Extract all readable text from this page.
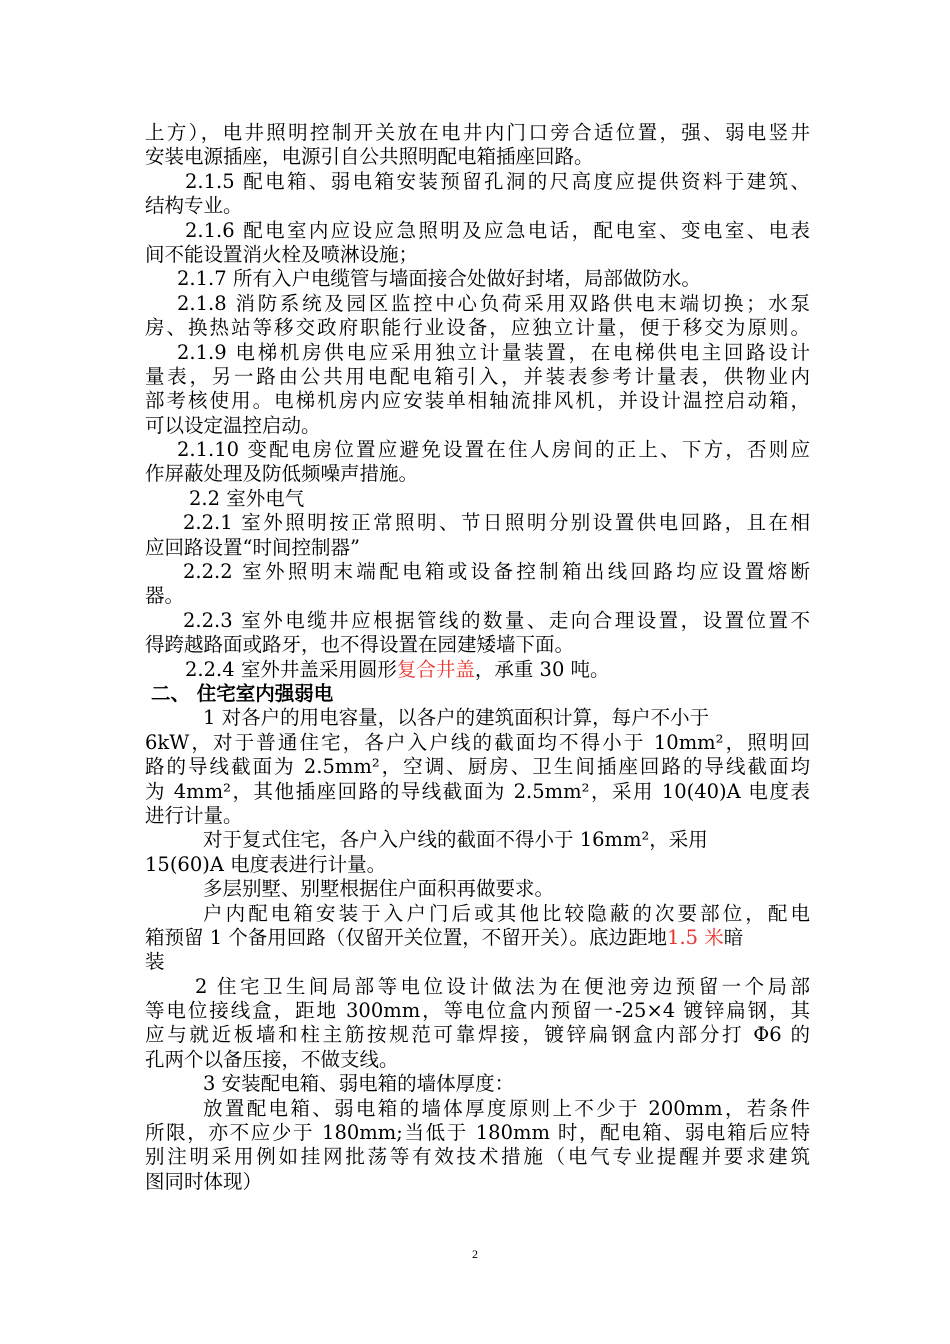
上方），电井照明控制开关放在电井内门口旁合适位置，强、弱电竖井
安装电源插座，电源引自公共照明配电箱插座回路。
2.1.5 配电箱、弱电箱安装预留孔洞的尺高度应提供资料于建筑、
结构专业。
2.1.6 配电室内应设应急照明及应急电话，配电室、变电室、电表
间不能设置消火栓及喷淋设施；
2.1.7 所有入户电缆管与墙面接合处做好封堵，局部做防水。
2.1.8 消防系统及园区监控中心负荷采用双路供电末端切换；水泵
房、换热站等移交政府职能行业设备，应独立计量，便于移交为原则。
2.1.9 电梯机房供电应采用独立计量装置，在电梯供电主回路设计
量表，另一路由公共用电配电箱引入，并装表参考计量表，供物业内
部考核使用。电梯机房内应安装单相轴流排风机，并设计温控启动箱，
可以设定温控启动。
2.1.10 变配电房位置应避免设置在住人房间的正上、下方，否则应
作屏蔽处理及防低频噪声措施。
2.2 室外电气
2.2.1 室外照明按正常照明、节日照明分别设置供电回路，且在相
应回路设置“时间控制器”
2.2.2 室外照明末端配电箱或设备控制箱出线回路均应设置熔断
器。
2.2.3 室外电缆井应根据管线的数量、走向合理设置，设置位置不
得跨越路面或路牙，也不得设置在园建矮墙下面。
2.2.4 室外井盖采用圆形复合井盖，承重 30 吨。
二、 住宅室内强弱电
1 对各户的用电容量，以各户的建筑面积计算，每户不小于
6kW，对于普通住宅，各户入户线的截面均不得小于 10mm²，照明回
路的导线截面为 2.5mm²，空调、厨房、卫生间插座回路的导线截面均
为 4mm²，其他插座回路的导线截面为 2.5mm²，采用 10(40)A 电度表
进行计量。
对于复式住宅，各户入户线的截面不得小于 16mm²，采用
15(60)A 电度表进行计量。
多层别墅、别墅根据住户面积再做要求。
户内配电箱安装于入户门后或其他比较隐蔽的次要部位，配电
箱预留 1 个备用回路（仅留开关位置，不留开关）。底边距地1.5 米暗
装
2 住宅卫生间局部等电位设计做法为在便池旁边预留一个局部
等电位接线盒，距地 300mm，等电位盒内预留一-25×4 镀锌扁钢，其
应与就近板墙和柱主筋按规范可靠焊接，镀锌扁钢盒内部分打 Φ6 的
孔两个以备压接，不做支线。
3 安装配电箱、弱电箱的墙体厚度：
放置配电箱、弱电箱的墙体厚度原则上不少于 200mm，若条件
所限，亦不应少于 180mm;当低于 180mm 时，配电箱、弱电箱后应特
别注明采用例如挂网批荡等有效技术措施（电气专业提醒并要求建筑
图同时体现）
2
